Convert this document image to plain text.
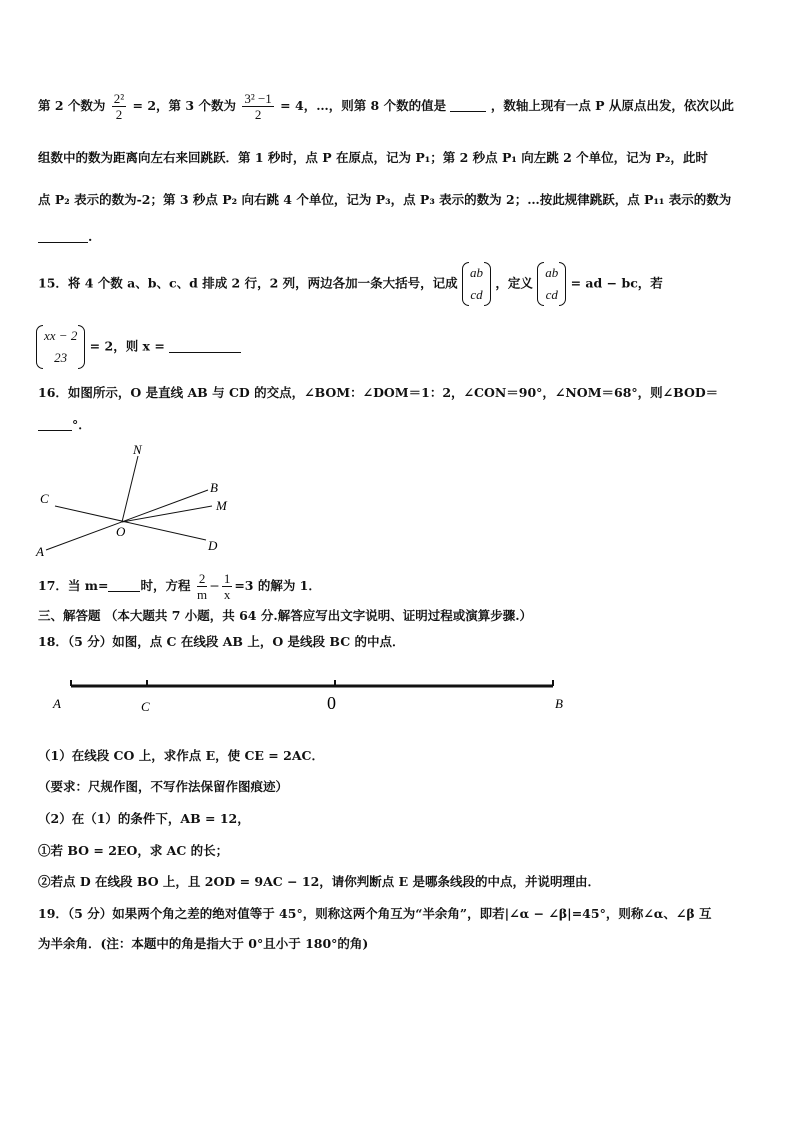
第 2 个数为 $\frac{\text{2²}}{2} = 2$，第 3 个数为 $\frac{\text{3² −1}}{2} = 4$，…，则第 8 个数的值是	，数轴上现有一点 P 从原点出发，依次以此
组数中的数为距离向左右来回跳跃．第 1 秒时，点 P 在原点，记为 P₁；第 2 秒点 P₁ 向左跳 2 个单位，记为 P₂，此时
点 P₂ 表示的数为-2；第 3 秒点 P₂ 向右跳 4 个单位，记为 P₃，点 P₃ 表示的数为 2；…按此规律跳跃，点 P₁₁ 表示的数为
.
15．将 4 个数 a、b、c、d 排成 2 行，2 列，两边各加一条大括号，记成
ab
cd
，定义
ab
cd
= ad − bc，若
xx − 2
23
= 2，则 x =
16．如图所示，O 是直线 AB 与 CD 的交点，∠BOM：∠DOM＝1：2，∠CON＝90°，∠NOM＝68°，则∠BOD＝
°．
N
B
C	M
O
A	D
17．当 m=	时，方程 $\frac{2}{m} - \frac{1}{x} =3$ 的解为 1．
三、解答题 （本大题共 7 小题，共 64 分.解答应写出文字说明、证明过程或演算步骤.）
18．（5 分）如图，点 C 在线段 AB 上，O 是线段 BC 的中点．
A	C	0	B
（1）在线段 CO 上，求作点 E，使 CE = 2AC．
（要求：尺规作图，不写作法保留作图痕迹）
（2）在（1）的条件下，AB = 12，
①若 BO = 2EO，求 AC 的长；
②若点 D 在线段 BO 上，且 2OD = 9AC − 12，请你判断点 E 是哪条线段的中点，并说明理由．
19．（5 分）如果两个角之差的绝对值等于 45°，则称这两个角互为“半余角”，即若|∠α − ∠β|=45°，则称∠α、∠β 互
为半余角．(注：本题中的角是指大于 0°且小于 180°的角)
